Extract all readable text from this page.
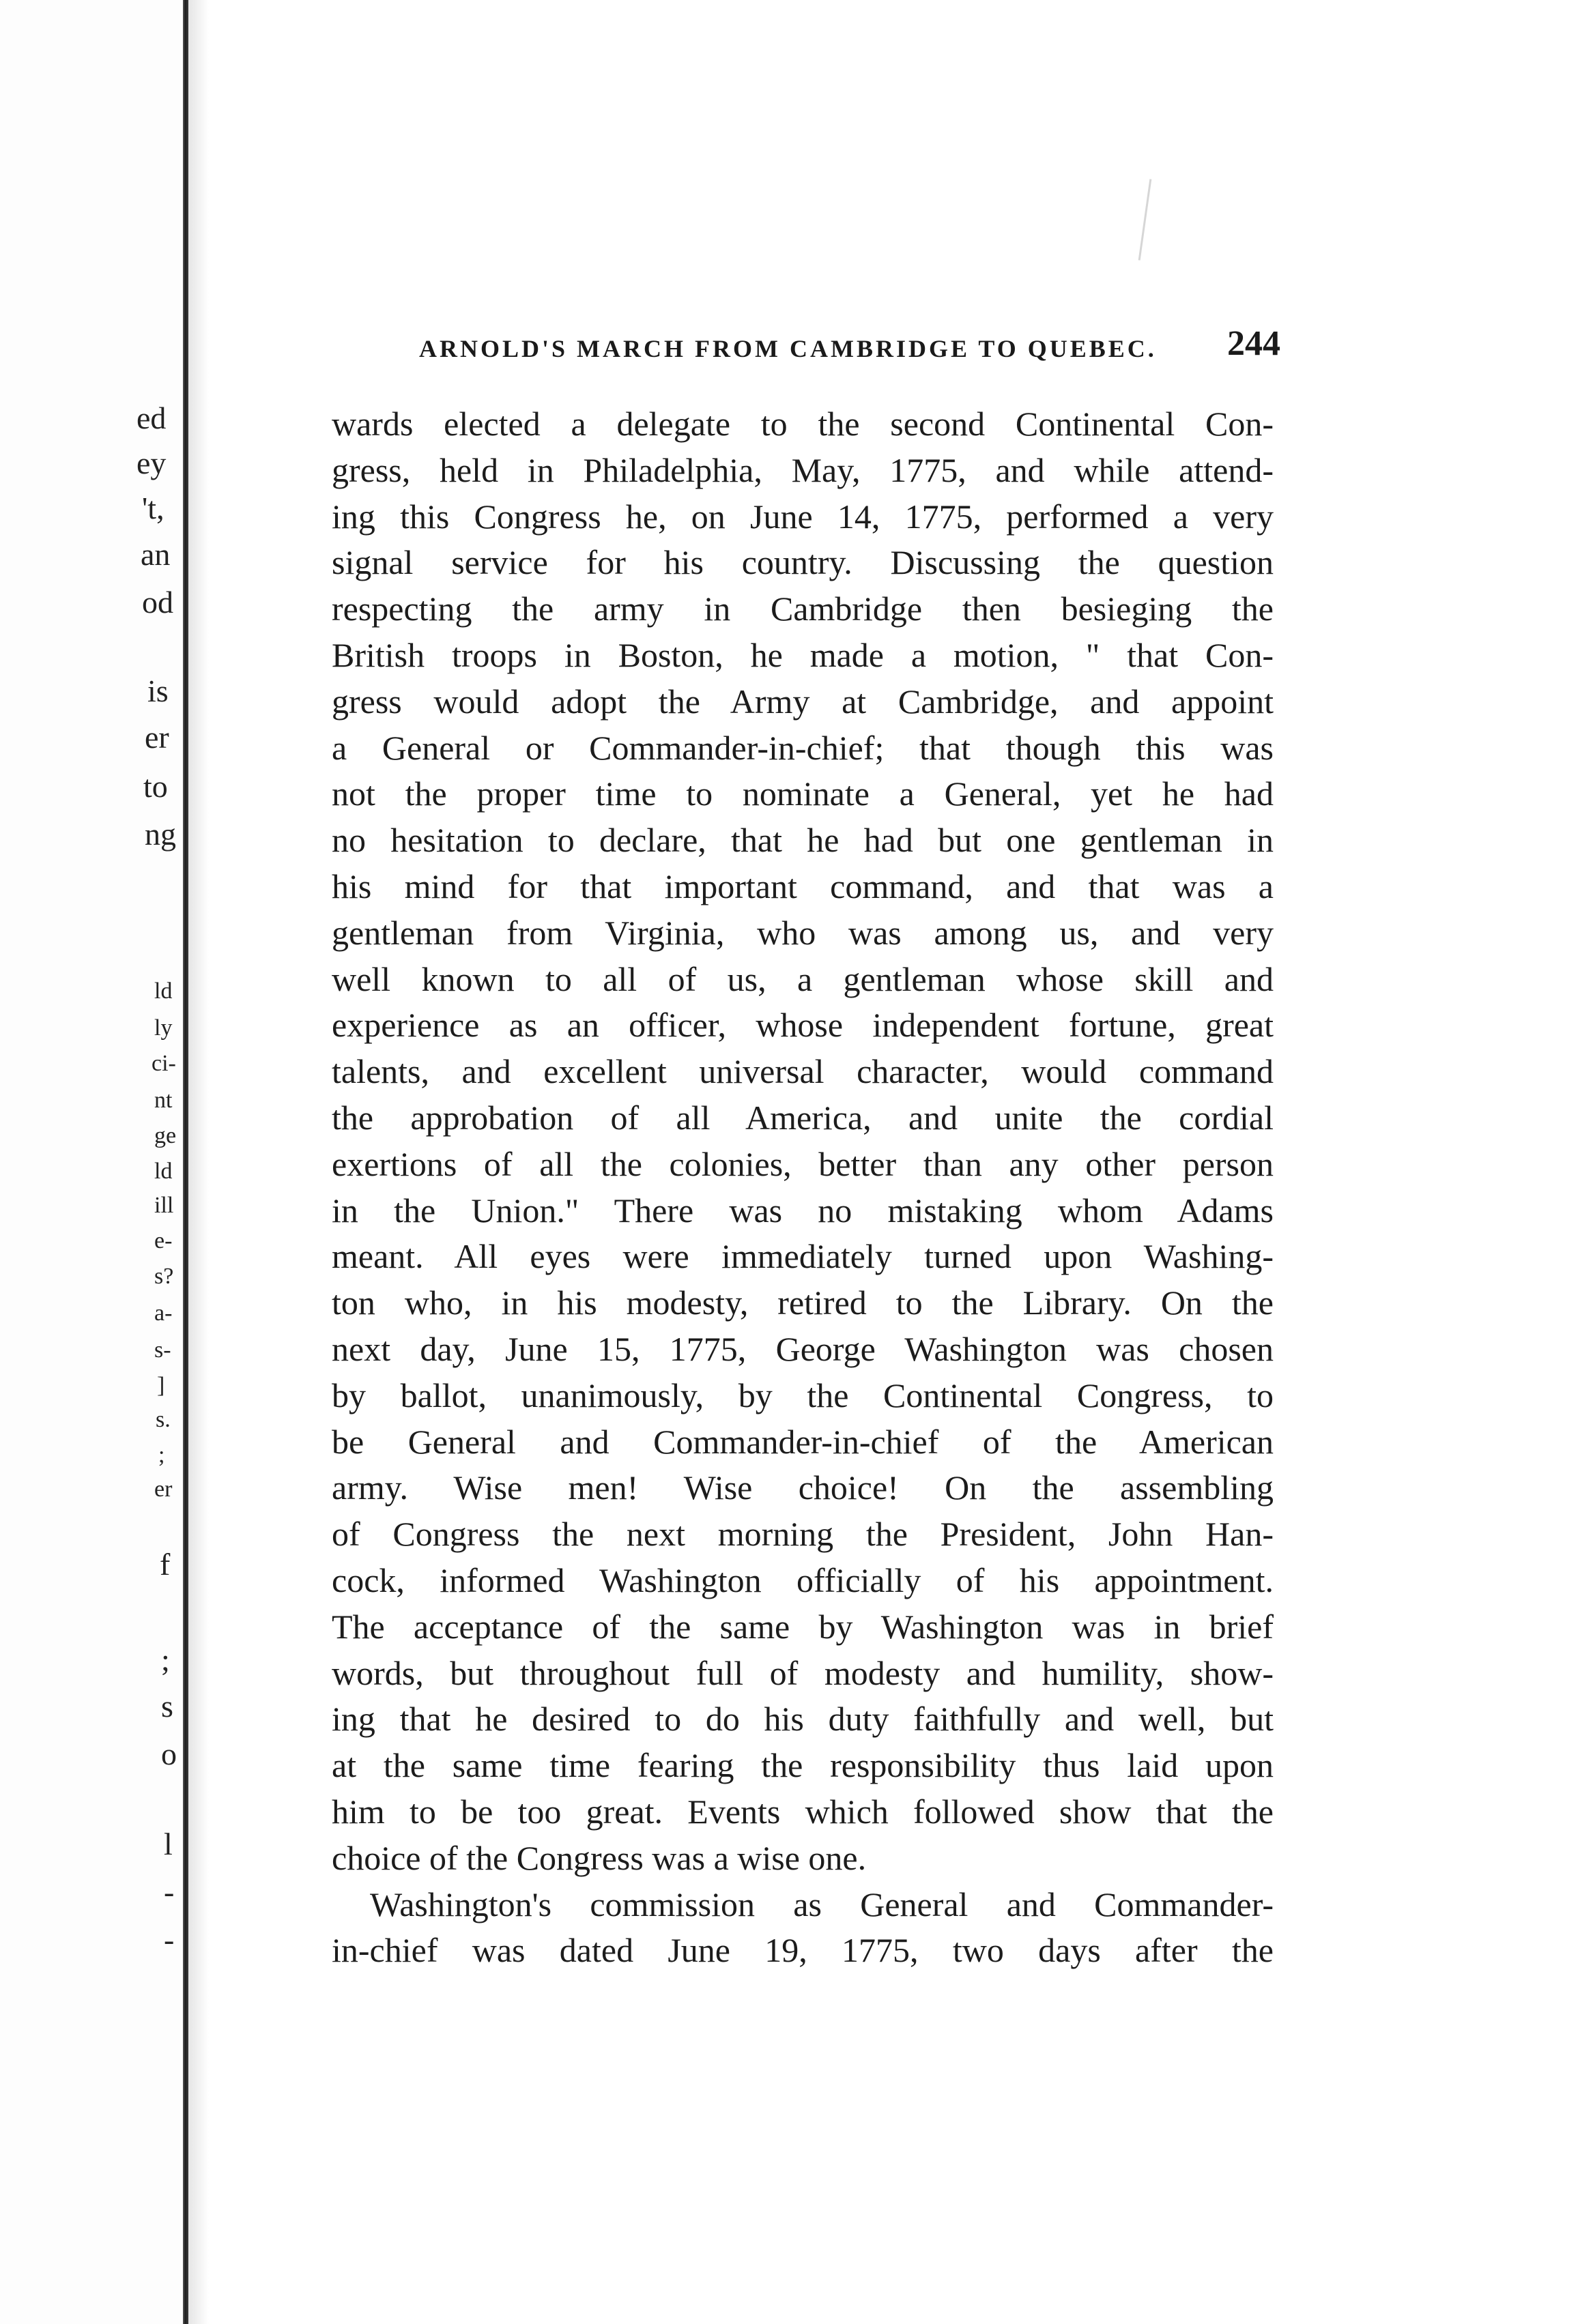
ed
ey
't,
an
od
is
er
to
ng
ld
ly
ci-
nt
ge
ld
ill
e-
s?
a-
s-
]
s.
;
er
f
;
s
o
l
-
-
ARNOLD'S MARCH FROM CAMBRIDGE TO QUEBEC. 244
wards elected a delegate to the second Continental Con-
gress, held in Philadelphia, May, 1775, and while attend-
ing this Congress he, on June 14, 1775, performed a very
signal service for his country. Discussing the question
respecting the army in Cambridge then besieging the
British troops in Boston, he made a motion, " that Con-
gress would adopt the Army at Cambridge, and appoint
a General or Commander-in-chief; that though this was
not the proper time to nominate a General, yet he had
no hesitation to declare, that he had but one gentleman in
his mind for that important command, and that was a
gentleman from Virginia, who was among us, and very
well known to all of us, a gentleman whose skill and
experience as an officer, whose independent fortune, great
talents, and excellent universal character, would command
the approbation of all America, and unite the cordial
exertions of all the colonies, better than any other person
in the Union." There was no mistaking whom Adams
meant. All eyes were immediately turned upon Washing-
ton who, in his modesty, retired to the Library. On the
next day, June 15, 1775, George Washington was chosen
by ballot, unanimously, by the Continental Congress, to
be General and Commander-in-chief of the American
army. Wise men! Wise choice! On the assembling
of Congress the next morning the President, John Han-
cock, informed Washington officially of his appointment.
The acceptance of the same by Washington was in brief
words, but throughout full of modesty and humility, show-
ing that he desired to do his duty faithfully and well, but
at the same time fearing the responsibility thus laid upon
him to be too great. Events which followed show that the
choice of the Congress was a wise one.
Washington's commission as General and Commander-
in-chief was dated June 19, 1775, two days after the
